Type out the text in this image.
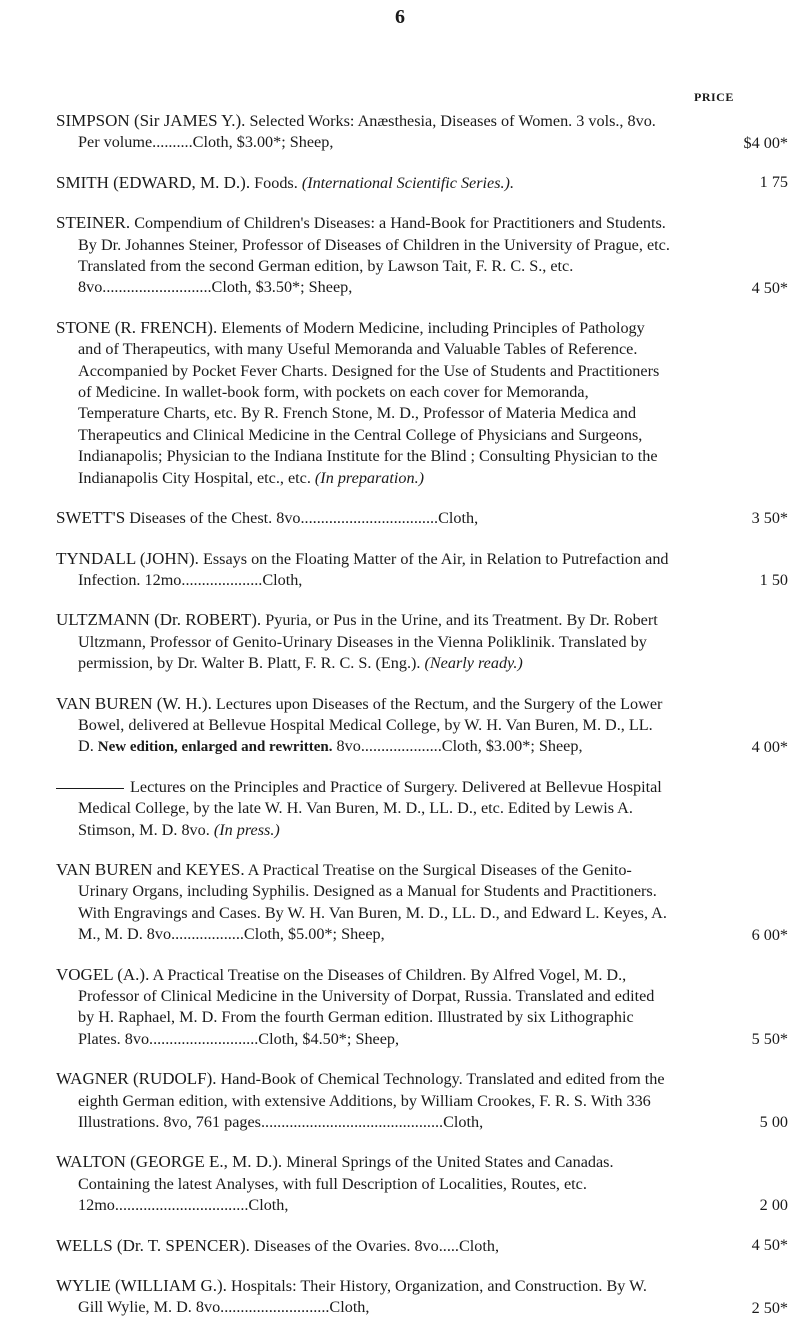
6
PRICE
SIMPSON (Sir JAMES Y.). Selected Works: Anæsthesia, Diseases of Women. 3 vols., 8vo. Per volume..........Cloth, $3.00*; Sheep,	$4 00*
SMITH (EDWARD, M. D.). Foods. (International Scientific Series.).	1 75
STEINER. Compendium of Children's Diseases: a Hand-Book for Practitioners and Students. By Dr. Johannes Steiner, Professor of Diseases of Children in the University of Prague, etc. Translated from the second German edition, by Lawson Tait, F. R. C. S., etc. 8vo...........................Cloth, $3.50*; Sheep,	4 50*
STONE (R. FRENCH). Elements of Modern Medicine, including Principles of Pathology and of Therapeutics, with many Useful Memoranda and Valuable Tables of Reference. Accompanied by Pocket Fever Charts. Designed for the Use of Students and Practitioners of Medicine. In wallet-book form, with pockets on each cover for Memoranda, Temperature Charts, etc. By R. French Stone, M. D., Professor of Materia Medica and Therapeutics and Clinical Medicine in the Central College of Physicians and Surgeons, Indianapolis; Physician to the Indiana Institute for the Blind ; Consulting Physician to the Indianapolis City Hospital, etc., etc. (In preparation.)
SWETT'S Diseases of the Chest. 8vo..................................Cloth,	3 50*
TYNDALL (JOHN). Essays on the Floating Matter of the Air, in Relation to Putrefaction and Infection. 12mo....................Cloth,	1 50
ULTZMANN (Dr. ROBERT). Pyuria, or Pus in the Urine, and its Treatment. By Dr. Robert Ultzmann, Professor of Genito-Urinary Diseases in the Vienna Poliklinik. Translated by permission, by Dr. Walter B. Platt, F. R. C. S. (Eng.). (Nearly ready.)
VAN BUREN (W. H.). Lectures upon Diseases of the Rectum, and the Surgery of the Lower Bowel, delivered at Bellevue Hospital Medical College, by W. H. Van Buren, M. D., LL. D. New edition, enlarged and rewritten. 8vo....................Cloth, $3.00*; Sheep,	4 00*
Lectures on the Principles and Practice of Surgery. Delivered at Bellevue Hospital Medical College, by the late W. H. Van Buren, M. D., LL. D., etc. Edited by Lewis A. Stimson, M. D. 8vo. (In press.)
VAN BUREN and KEYES. A Practical Treatise on the Surgical Diseases of the Genito-Urinary Organs, including Syphilis. Designed as a Manual for Students and Practitioners. With Engravings and Cases. By W. H. Van Buren, M. D., LL. D., and Edward L. Keyes, A. M., M. D. 8vo..................Cloth, $5.00*; Sheep,	6 00*
VOGEL (A.). A Practical Treatise on the Diseases of Children. By Alfred Vogel, M. D., Professor of Clinical Medicine in the University of Dorpat, Russia. Translated and edited by H. Raphael, M. D. From the fourth German edition. Illustrated by six Lithographic Plates. 8vo...........................Cloth, $4.50*; Sheep,	5 50*
WAGNER (RUDOLF). Hand-Book of Chemical Technology. Translated and edited from the eighth German edition, with extensive Additions, by William Crookes, F. R. S. With 336 Illustrations. 8vo, 761 pages.............................................Cloth,	5 00
WALTON (GEORGE E., M. D.). Mineral Springs of the United States and Canadas. Containing the latest Analyses, with full Description of Localities, Routes, etc. 12mo.................................Cloth,	2 00
WELLS (Dr. T. SPENCER). Diseases of the Ovaries. 8vo.....Cloth,	4 50*
WYLIE (WILLIAM G.). Hospitals: Their History, Organization, and Construction. By W. Gill Wylie, M. D. 8vo...........................Cloth,	2 50*
